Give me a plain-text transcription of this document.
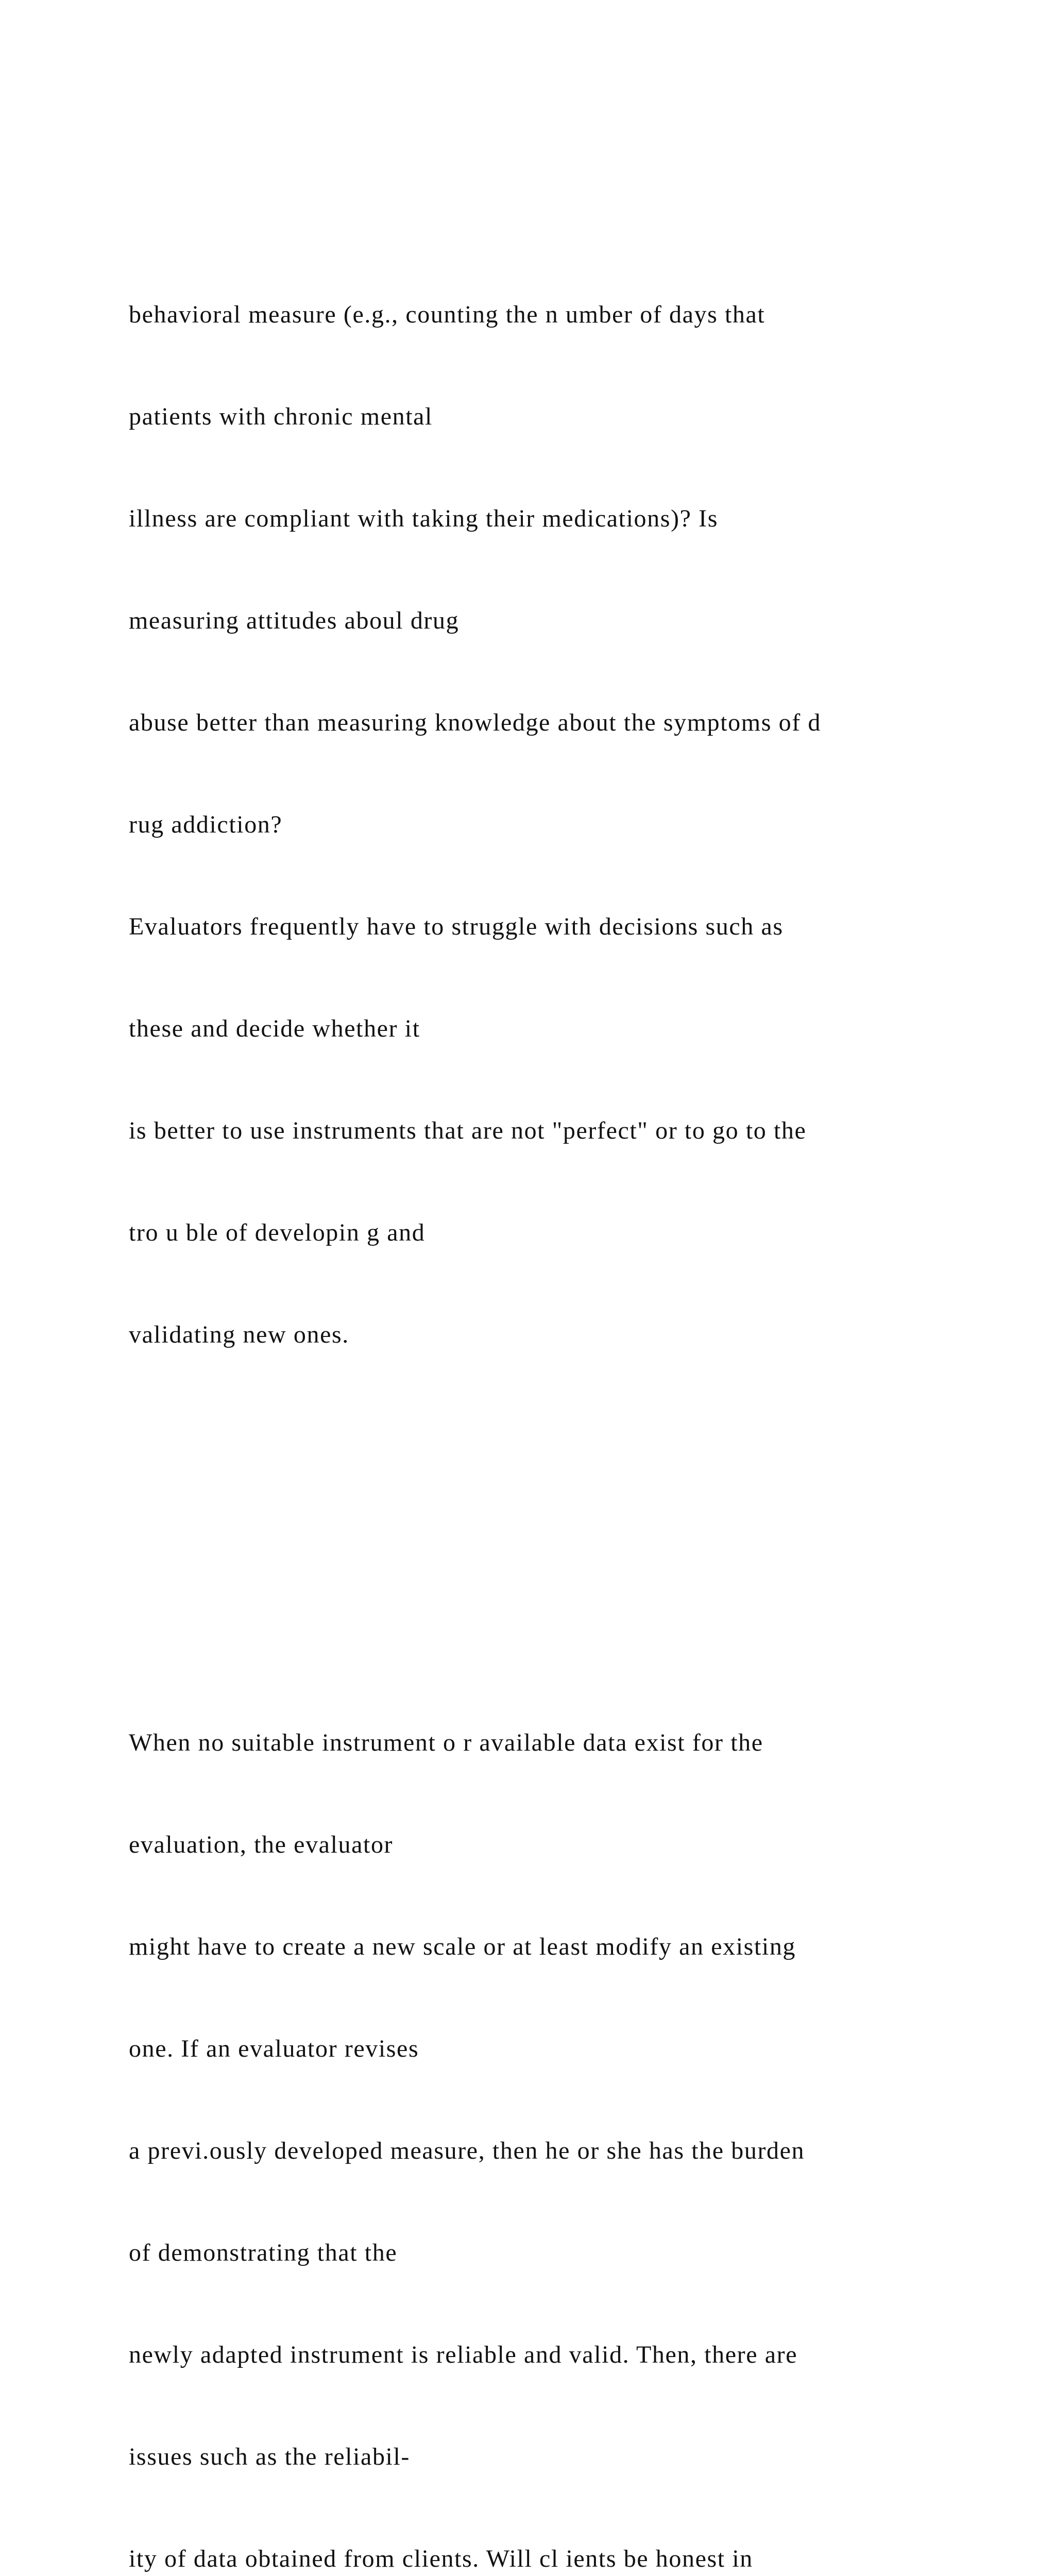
behavioral measure (e.g., counting the n umber of days that

patients with chronic mental

illness are compliant with taking their medications)? Is

measuring attitudes aboul drug

abuse better than measuring knowledge about the symptoms of d

rug addiction?

Evaluators frequently have to struggle with decisions such as

these and decide whether it

is better to use instruments that are not "perfect" or to go to the

tro u ble of developin g and

validating new ones.

When no suitable instrument o r available data exist for the

evaluation, the evaluator

might have to create a new scale or at least modify an existing

one. If an evaluator revises

a previ.ously developed measure, then he or she has the burden

of demonstrating that the

newly adapted instrument is reliable and valid. Then, there are

issues such as the reliabil-

ity of data obtained from clients. Will cl ients be honest in
